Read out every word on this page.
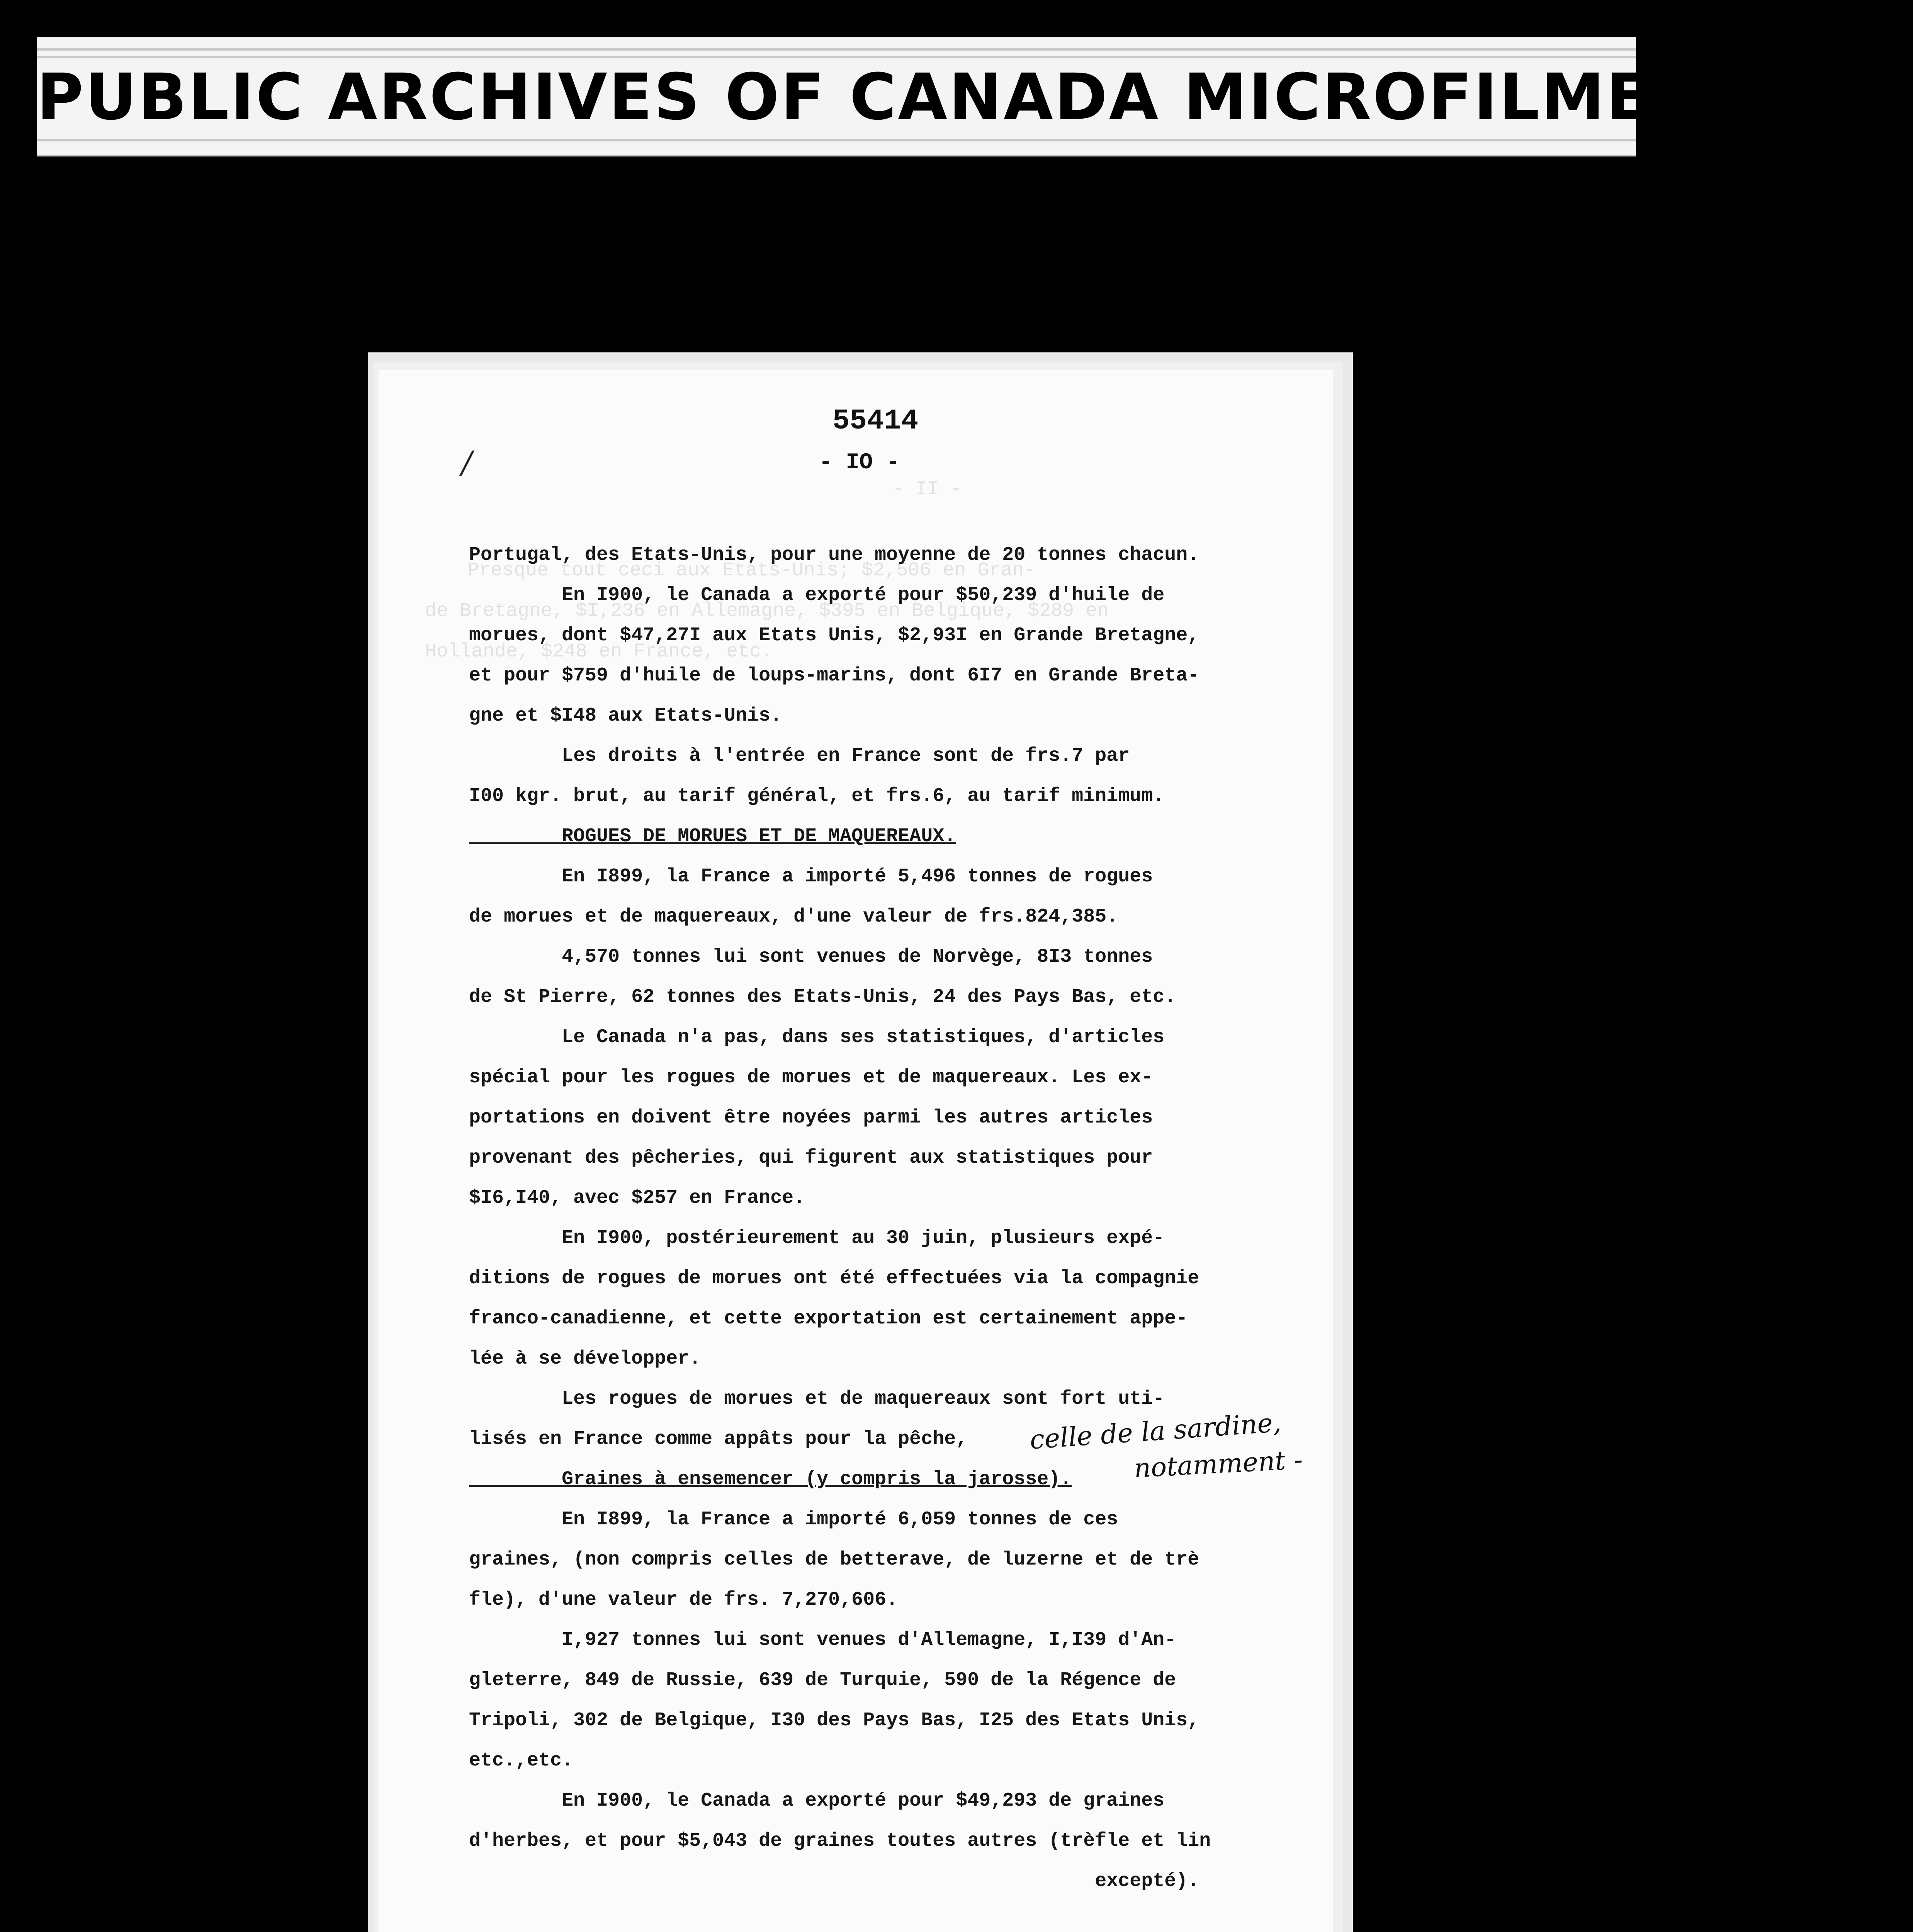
PUBLIC ARCHIVES OF CANADA MICROFILMED 1954
- II -
Presque tout ceci aux Etats-Unis; $2,506 en Gran-
de Bretagne, $I,236 en Allemagne, $395 en Belgique, $289 en
Hollande, $248 en France, etc.
55414
- IO -
/
Portugal, des Etats-Unis, pour une moyenne de 20 tonnes chacun.
En I900, le Canada a exporté pour $50,239 d'huile de
morues, dont $47,27I aux Etats Unis, $2,93I en Grande Bretagne,
et pour $759 d'huile de loups-marins, dont 6I7 en Grande Breta-
gne et $I48 aux Etats-Unis.
Les droits à l'entrée en France sont de frs.7 par
I00 kgr. brut, au tarif général, et frs.6, au tarif minimum.
ROGUES DE MORUES ET DE MAQUEREAUX.
En I899, la France a importé 5,496 tonnes de rogues
de morues et de maquereaux, d'une valeur de frs.824,385.
4,570 tonnes lui sont venues de Norvège, 8I3 tonnes
de St Pierre, 62 tonnes des Etats-Unis, 24 des Pays Bas, etc.
Le Canada n'a pas, dans ses statistiques, d'articles
spécial pour les rogues de morues et de maquereaux. Les ex-
portations en doivent être noyées parmi les autres articles
provenant des pêcheries, qui figurent aux statistiques pour
$I6,I40, avec $257 en France.
En I900, postérieurement au 30 juin, plusieurs expé-
ditions de rogues de morues ont été effectuées via la compagnie
franco-canadienne, et cette exportation est certainement appe-
lée à se développer.
Les rogues de morues et de maquereaux sont fort uti-
lisés en France comme appâts pour la pêche,
Graines à ensemencer (y compris la jarosse).
En I899, la France a importé 6,059 tonnes de ces
graines, (non compris celles de betterave, de luzerne et de trè
fle), d'une valeur de frs. 7,270,606.
I,927 tonnes lui sont venues d'Allemagne, I,I39 d'An-
gleterre, 849 de Russie, 639 de Turquie, 590 de la Régence de
Tripoli, 302 de Belgique, I30 des Pays Bas, I25 des Etats Unis,
etc.,etc.
En I900, le Canada a exporté pour $49,293 de graines
d'herbes, et pour $5,043 de graines toutes autres (trèfle et lin
excepté).
celle de la sardine,
notamment -
